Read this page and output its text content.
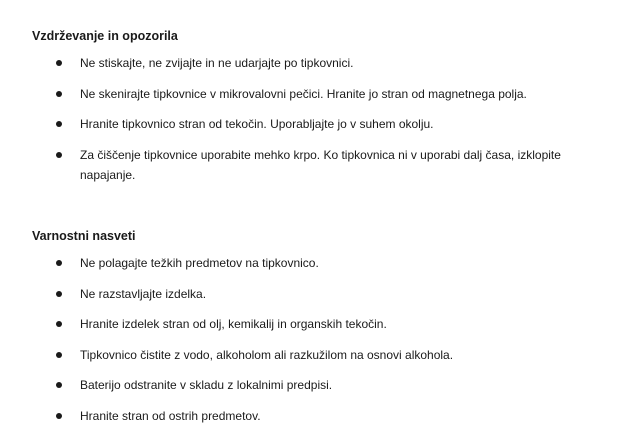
Vzdrževanje in opozorila
Ne stiskajte, ne zvijajte in ne udarjajte po tipkovnici.
Ne skenirajte tipkovnice v mikrovalovni pečici. Hranite jo stran od magnetnega polja.
Hranite tipkovnico stran od tekočin. Uporabljajte jo v suhem okolju.
Za čiščenje tipkovnice uporabite mehko krpo. Ko tipkovnica ni v uporabi dalj časa, izklopite napajanje.
Varnostni nasveti
Ne polagajte težkih predmetov na tipkovnico.
Ne razstavljajte izdelka.
Hranite izdelek stran od olj, kemikalij in organskih tekočin.
Tipkovnico čistite z vodo, alkoholom ali razkužilom na osnovi alkohola.
Baterijo odstranite v skladu z lokalnimi predpisi.
Hranite stran od ostrih predmetov.
